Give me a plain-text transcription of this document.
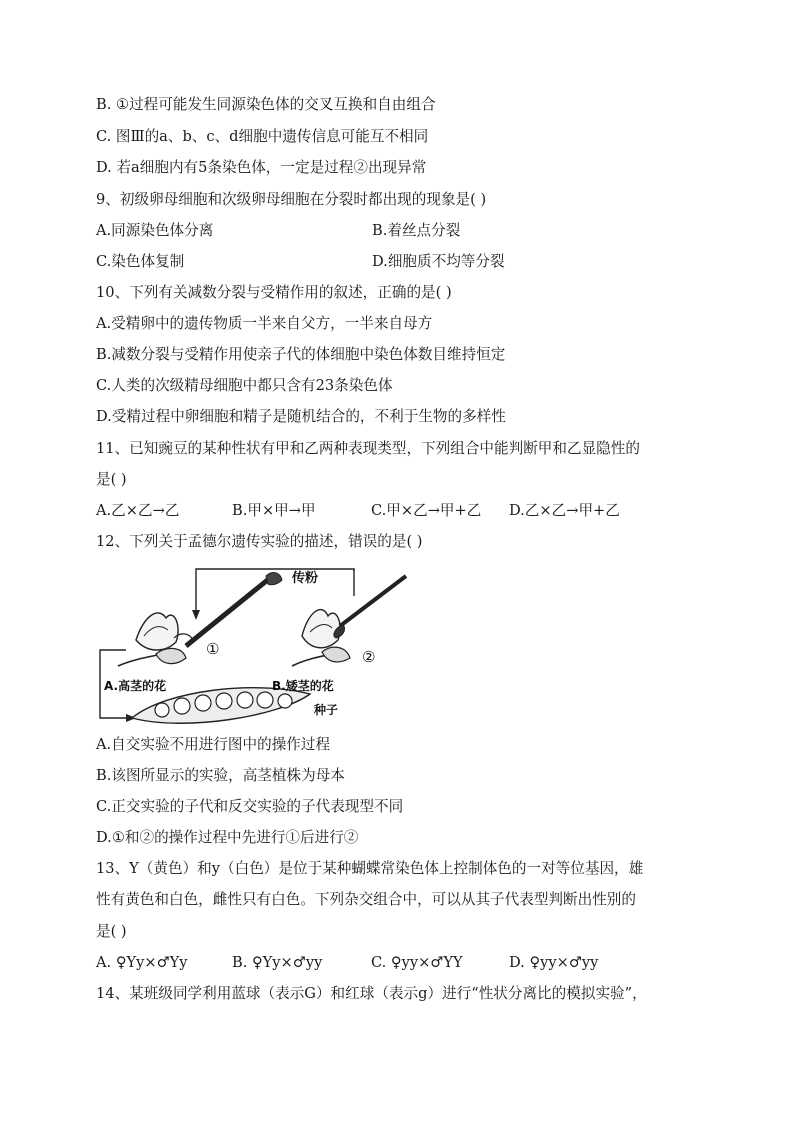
B. ①过程可能发生同源染色体的交叉互换和自由组合
C. 图Ⅲ的a、b、c、d细胞中遗传信息可能互不相同
D. 若a细胞内有5条染色体，一定是过程②出现异常
9、初级卵母细胞和次级卵母细胞在分裂时都出现的现象是( )
A.同源染色体分离	B.着丝点分裂
C.染色体复制	D.细胞质不均等分裂
10、下列有关减数分裂与受精作用的叙述，正确的是( )
A.受精卵中的遗传物质一半来自父方，一半来自母方
B.减数分裂与受精作用使亲子代的体细胞中染色体数目维持恒定
C.人类的次级精母细胞中都只含有23条染色体
D.受精过程中卵细胞和精子是随机结合的，不利于生物的多样性
11、已知豌豆的某种性状有甲和乙两种表现类型，下列组合中能判断甲和乙显隐性的
是( )
A.乙×乙→乙	B.甲×甲→甲	C.甲×乙→甲+乙 D.乙×乙→甲+乙
12、下列关于孟德尔遗传实验的描述，错误的是( )
传粉
①	②
A.高茎的花	B.矮茎的花
种子
A.自交实验不用进行图中的操作过程
B.该图所显示的实验，高茎植株为母本
C.正交实验的子代和反交实验的子代表现型不同
D.①和②的操作过程中先进行①后进行②
13、Y（黄色）和y（白色）是位于某种蝴蝶常染色体上控制体色的一对等位基因，雄
性有黄色和白色，雌性只有白色。下列杂交组合中，可以从其子代表型判断出性别的
是( )
A. ♀Yy×♂Yy	B. ♀Yy×♂yy	C. ♀yy×♂YY	D. ♀yy×♂yy
14、某班级同学利用蓝球（表示G）和红球（表示g）进行“性状分离比的模拟实验”，
